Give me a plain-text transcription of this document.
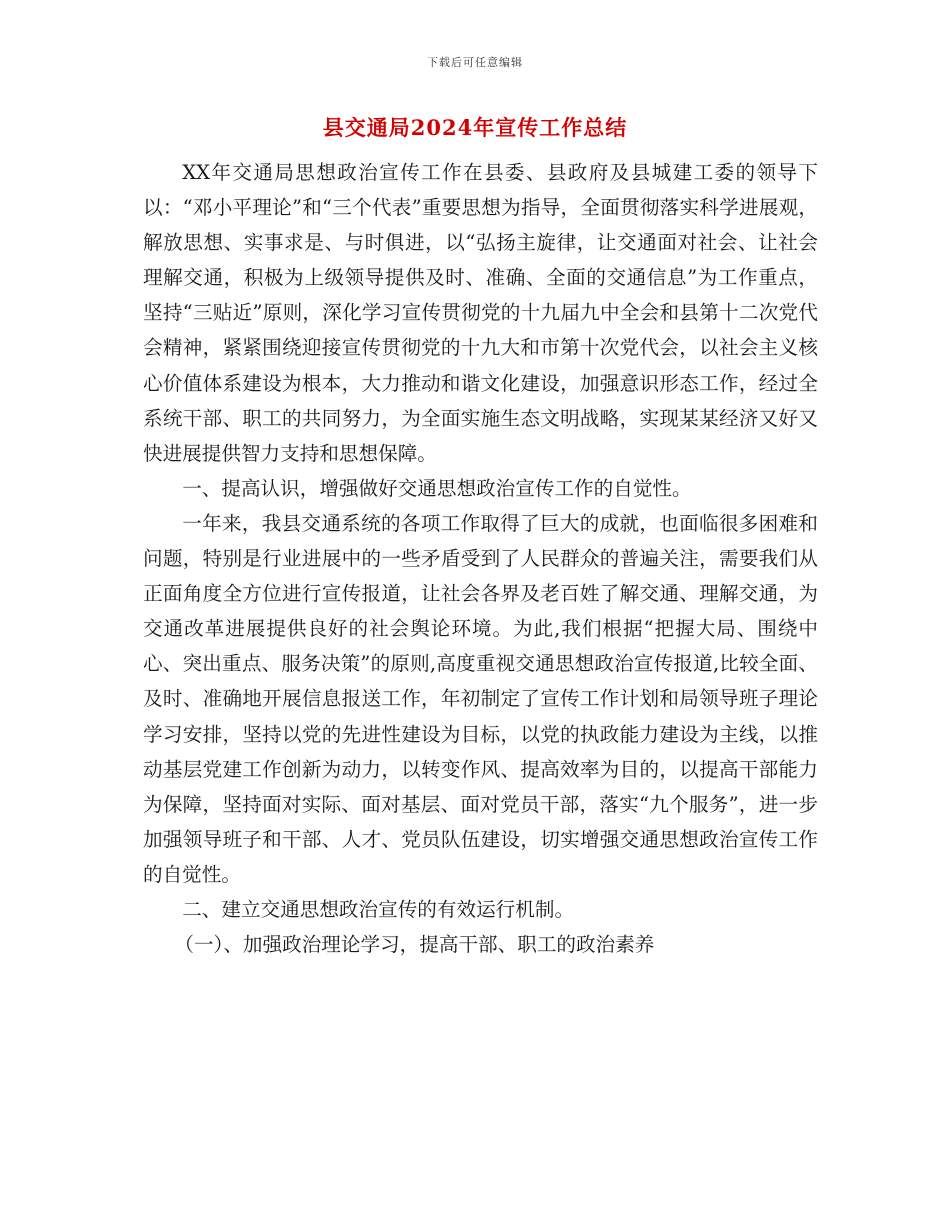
下载后可任意编辑
县交通局2024年宣传工作总结

XX年交通局思想政治宣传工作在县委、县政府及县城建工委的领导下以：“邓小平理论”和“三个代表”重要思想为指导，全面贯彻落实科学进展观，解放思想、实事求是、与时俱进，以“弘扬主旋律，让交通面对社会、让社会理解交通，积极为上级领导提供及时、准确、全面的交通信息”为工作重点，坚持“三贴近”原则，深化学习宣传贯彻党的十九届九中全会和县第十二次党代会精神，紧紧围绕迎接宣传贯彻党的十九大和市第十次党代会，以社会主义核心价值体系建设为根本，大力推动和谐文化建设，加强意识形态工作，经过全系统干部、职工的共同努力，为全面实施生态文明战略，实现某某经济又好又快进展提供智力支持和思想保障。

一、提高认识，增强做好交通思想政治宣传工作的自觉性。

一年来，我县交通系统的各项工作取得了巨大的成就，也面临很多困难和问题，特别是行业进展中的一些矛盾受到了人民群众的普遍关注，需要我们从正面角度全方位进行宣传报道，让社会各界及老百姓了解交通、理解交通，为交通改革进展提供良好的社会舆论环境。为此,我们根据“把握大局、围绕中心、突出重点、服务决策”的原则,高度重视交通思想政治宣传报道,比较全面、及时、准确地开展信息报送工作，年初制定了宣传工作计划和局领导班子理论学习安排，坚持以党的先进性建设为目标，以党的执政能力建设为主线，以推动基层党建工作创新为动力，以转变作风、提高效率为目的，以提高干部能力为保障，坚持面对实际、面对基层、面对党员干部，落实“九个服务”，进一步加强领导班子和干部、人才、党员队伍建设，切实增强交通思想政治宣传工作的自觉性。

二、建立交通思想政治宣传的有效运行机制。

（一）、加强政治理论学习，提高干部、职工的政治素养
